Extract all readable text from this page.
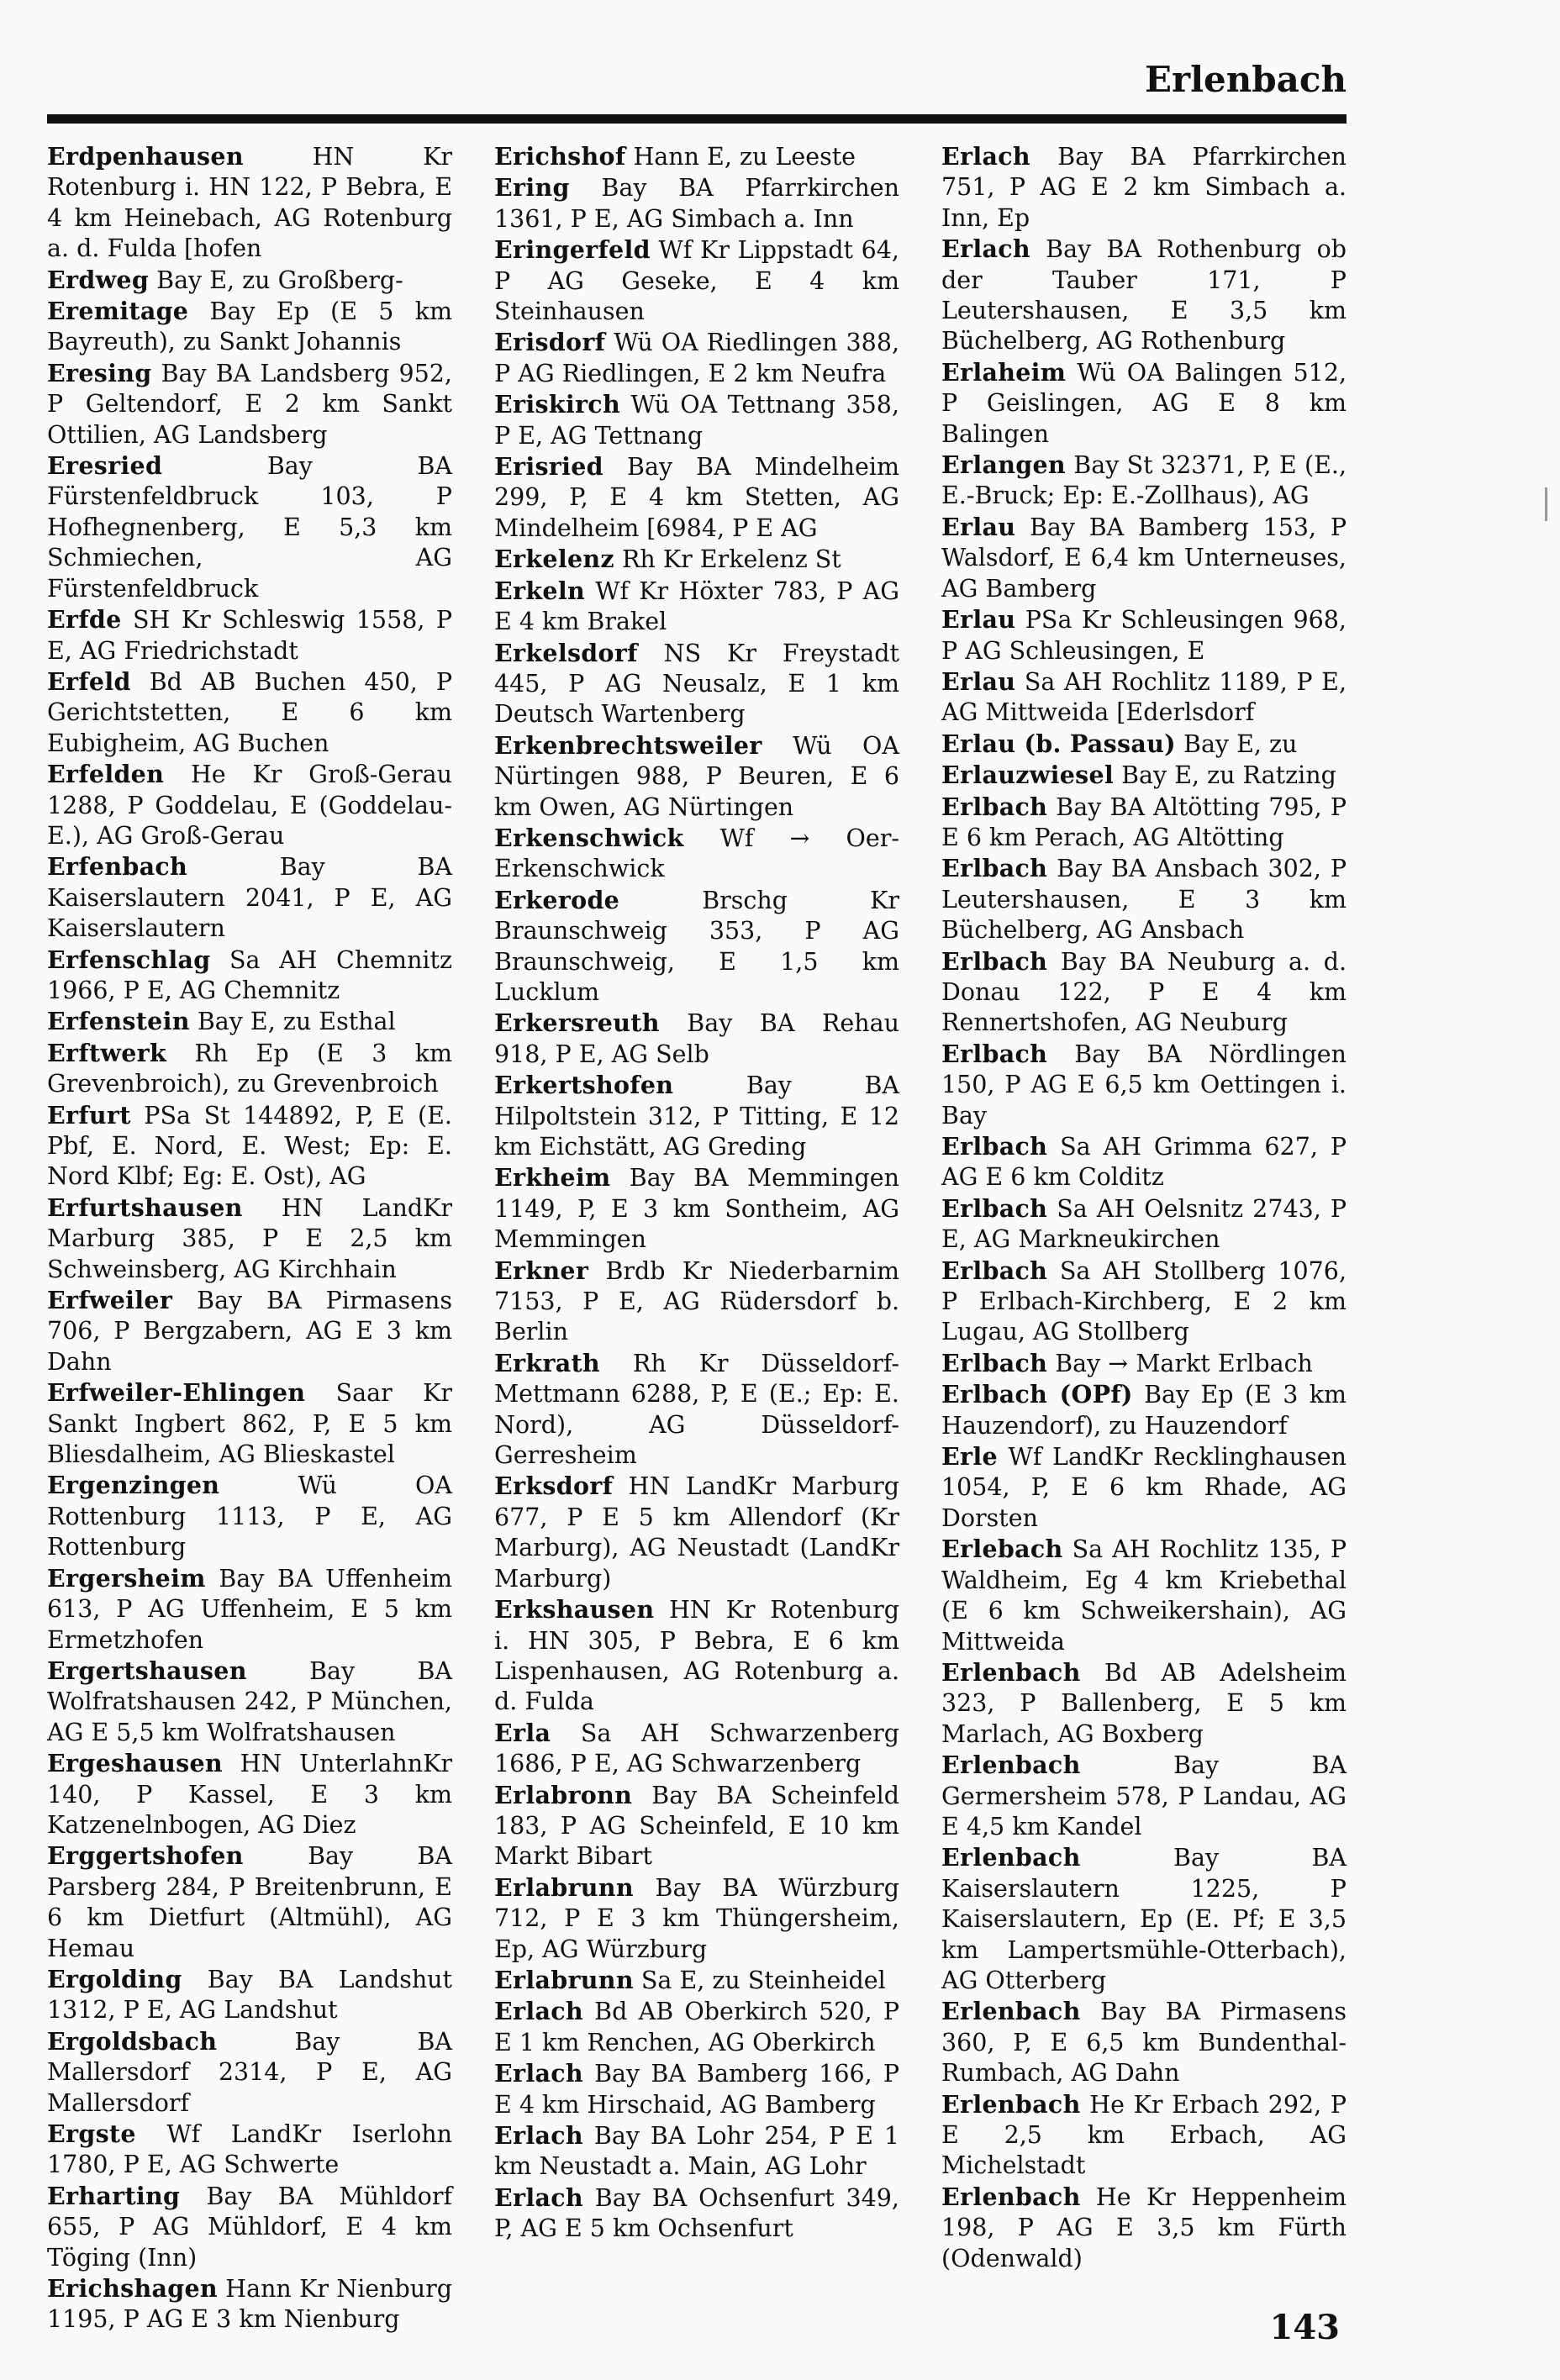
Erlenbach

Erdpenhausen	HN Kr Rotenburg i. HN 122, P Bebra, E 4 km Heinebach, AG Rotenburg a. d. Fulda [hofen

Erdweg Bay E, zu Großberg-

Eremitage Bay Ep (E 5 km Bayreuth), zu Sankt Johannis

Eresing Bay BA Landsberg 952, P Geltendorf, E 2 km Sankt Ottilien, AG Landsberg

Eresried	Bay BA Fürstenfeldbruck 103, P Hofhegnenberg, E 5,3 km Schmiechen, AG Fürstenfeldbruck

Erfde SH Kr Schleswig 1558, P E, AG Friedrichstadt

Erfeld Bd AB Buchen 450, P Gerichtstetten, E 6 km Eubigheim, AG Buchen

Erfelden He Kr Groß-Gerau 1288, P Goddelau, E (Goddelau-E.), AG Groß-Gerau

Erfenbach	Bay BA Kaiserslautern 2041, P E, AG Kaiserslautern

Erfenschlag Sa AH Chemnitz 1966, P E, AG Chemnitz

Erfenstein Bay E, zu Esthal

Erftwerk Rh Ep (E 3 km Grevenbroich), zu Grevenbroich

Erfurt PSa St 144892, P, E (E. Pbf, E. Nord, E. West; Ep: E. Nord Klbf; Eg: E. Ost), AG

Erfurtshausen HN LandKr Marburg 385, P E 2,5 km Schweinsberg, AG Kirchhain

Erfweiler Bay BA Pirmasens 706, P Bergzabern, AG E 3 km Dahn

Erfweiler-Ehlingen Saar Kr Sankt Ingbert 862, P, E 5 km Bliesdalheim, AG Blieskastel

Ergenzingen	Wü OA Rottenburg 1113, P E, AG Rottenburg

Ergersheim Bay BA Uffenheim 613, P AG Uffenheim, E 5 km Ermetzhofen

Ergertshausen	Bay BA Wolfratshausen 242, P München, AG E 5,5 km Wolfratshausen

Ergeshausen HN UnterlahnKr 140, P Kassel, E 3 km Katzenelnbogen, AG Diez

Erggertshofen	Bay BA Parsberg 284, P Breitenbrunn, E 6 km Dietfurt (Altmühl), AG Hemau

Ergolding Bay BA Landshut 1312, P E, AG Landshut

Ergoldsbach	Bay BA Mallersdorf 2314, P E, AG Mallersdorf

Ergste Wf LandKr Iserlohn 1780, P E, AG Schwerte

Erharting Bay BA Mühldorf 655, P AG Mühldorf, E 4 km Töging (Inn)

Erichshagen Hann Kr Nienburg 1195, P AG E 3 km Nienburg

Erichshof Hann E, zu Leeste

Ering Bay BA Pfarrkirchen 1361, P E, AG Simbach a. Inn

Eringerfeld Wf Kr Lippstadt 64, P AG Geseke, E 4 km Steinhausen

Erisdorf Wü OA Riedlingen 388, P AG Riedlingen, E 2 km Neufra

Eriskirch Wü OA Tettnang 358, P E, AG Tettnang

Erisried Bay BA Mindelheim 299, P, E 4 km Stetten, AG Mindelheim [6984, P E AG

Erkelenz Rh Kr Erkelenz St

Erkeln Wf Kr Höxter 783, P AG E 4 km Brakel

Erkelsdorf NS Kr Freystadt 445, P AG Neusalz, E 1 km Deutsch Wartenberg

Erkenbrechtsweiler Wü OA Nürtingen 988, P Beuren, E 6 km Owen, AG Nürtingen

Erkenschwick Wf → Oer-Erkenschwick

Erkerode	Brschg Kr Braunschweig 353, P AG Braunschweig, E 1,5 km Lucklum

Erkersreuth Bay BA Rehau 918, P E, AG Selb

Erkertshofen	Bay BA Hilpoltstein 312, P Titting, E 12 km Eichstätt, AG Greding

Erkheim Bay BA Memmingen 1149, P, E 3 km Sontheim, AG Memmingen

Erkner Brdb Kr Niederbarnim 7153, P E, AG Rüdersdorf b. Berlin

Erkrath Rh Kr Düsseldorf-Mettmann 6288, P, E (E.; Ep: E. Nord), AG Düsseldorf-Gerresheim

Erksdorf HN LandKr Marburg 677, P E 5 km Allendorf (Kr Marburg), AG Neustadt (LandKr Marburg)

Erkshausen HN Kr Rotenburg i. HN 305, P Bebra, E 6 km Lispenhausen, AG Rotenburg a. d. Fulda

Erla Sa AH Schwarzenberg 1686, P E, AG Schwarzenberg

Erlabronn Bay BA Scheinfeld 183, P AG Scheinfeld, E 10 km Markt Bibart

Erlabrunn Bay BA Würzburg 712, P E 3 km Thüngersheim, Ep, AG Würzburg

Erlabrunn Sa E, zu Steinheidel

Erlach Bd AB Oberkirch 520, P E 1 km Renchen, AG Oberkirch

Erlach Bay BA Bamberg 166, P E 4 km Hirschaid, AG Bamberg

Erlach Bay BA Lohr 254, P E 1 km Neustadt a. Main, AG Lohr

Erlach Bay BA Ochsenfurt 349, P, AG E 5 km Ochsenfurt

Erlach Bay BA Pfarrkirchen 751, P AG E 2 km Simbach a. Inn, Ep

Erlach Bay BA Rothenburg ob der Tauber 171, P Leutershausen, E 3,5 km Büchelberg, AG Rothenburg

Erlaheim Wü OA Balingen 512, P Geislingen, AG E 8 km Balingen

Erlangen Bay St 32371, P, E (E., E.-Bruck; Ep: E.-Zollhaus), AG

Erlau Bay BA Bamberg 153, P Walsdorf, E 6,4 km Unterneuses, AG Bamberg

Erlau PSa Kr Schleusingen 968, P AG Schleusingen, E

Erlau Sa AH Rochlitz 1189, P E, AG Mittweida [Ederlsdorf

Erlau (b. Passau) Bay E, zu

Erlauzwiesel Bay E, zu Ratzing

Erlbach Bay BA Altötting 795, P E 6 km Perach, AG Altötting

Erlbach Bay BA Ansbach 302, P Leutershausen, E 3 km Büchelberg, AG Ansbach

Erlbach Bay BA Neuburg a. d. Donau 122, P E 4 km Rennertshofen, AG Neuburg

Erlbach Bay BA Nördlingen 150, P AG E 6,5 km Oettingen i. Bay

Erlbach Sa AH Grimma 627, P AG E 6 km Colditz

Erlbach Sa AH Oelsnitz 2743, P E, AG Markneukirchen

Erlbach Sa AH Stollberg 1076, P Erlbach-Kirchberg, E 2 km Lugau, AG Stollberg

Erlbach Bay → Markt Erlbach

Erlbach (OPf) Bay Ep (E 3 km Hauzendorf), zu Hauzendorf

Erle Wf LandKr Recklinghausen 1054, P, E 6 km Rhade, AG Dorsten

Erlebach Sa AH Rochlitz 135, P Waldheim, Eg 4 km Kriebethal (E 6 km Schweikershain), AG Mittweida

Erlenbach Bd AB Adelsheim 323, P Ballenberg, E 5 km Marlach, AG Boxberg

Erlenbach	Bay BA Germersheim 578, P Landau, AG E 4,5 km Kandel

Erlenbach	Bay BA Kaiserslautern 1225, P Kaiserslautern, Ep (E. Pf; E 3,5 km Lampertsmühle-Otterbach), AG Otterberg

Erlenbach Bay BA Pirmasens 360, P, E 6,5 km Bundenthal-Rumbach, AG Dahn

Erlenbach He Kr Erbach 292, P E 2,5 km Erbach, AG Michelstadt

Erlenbach He Kr Heppenheim 198, P AG E 3,5 km Fürth (Odenwald)

143
